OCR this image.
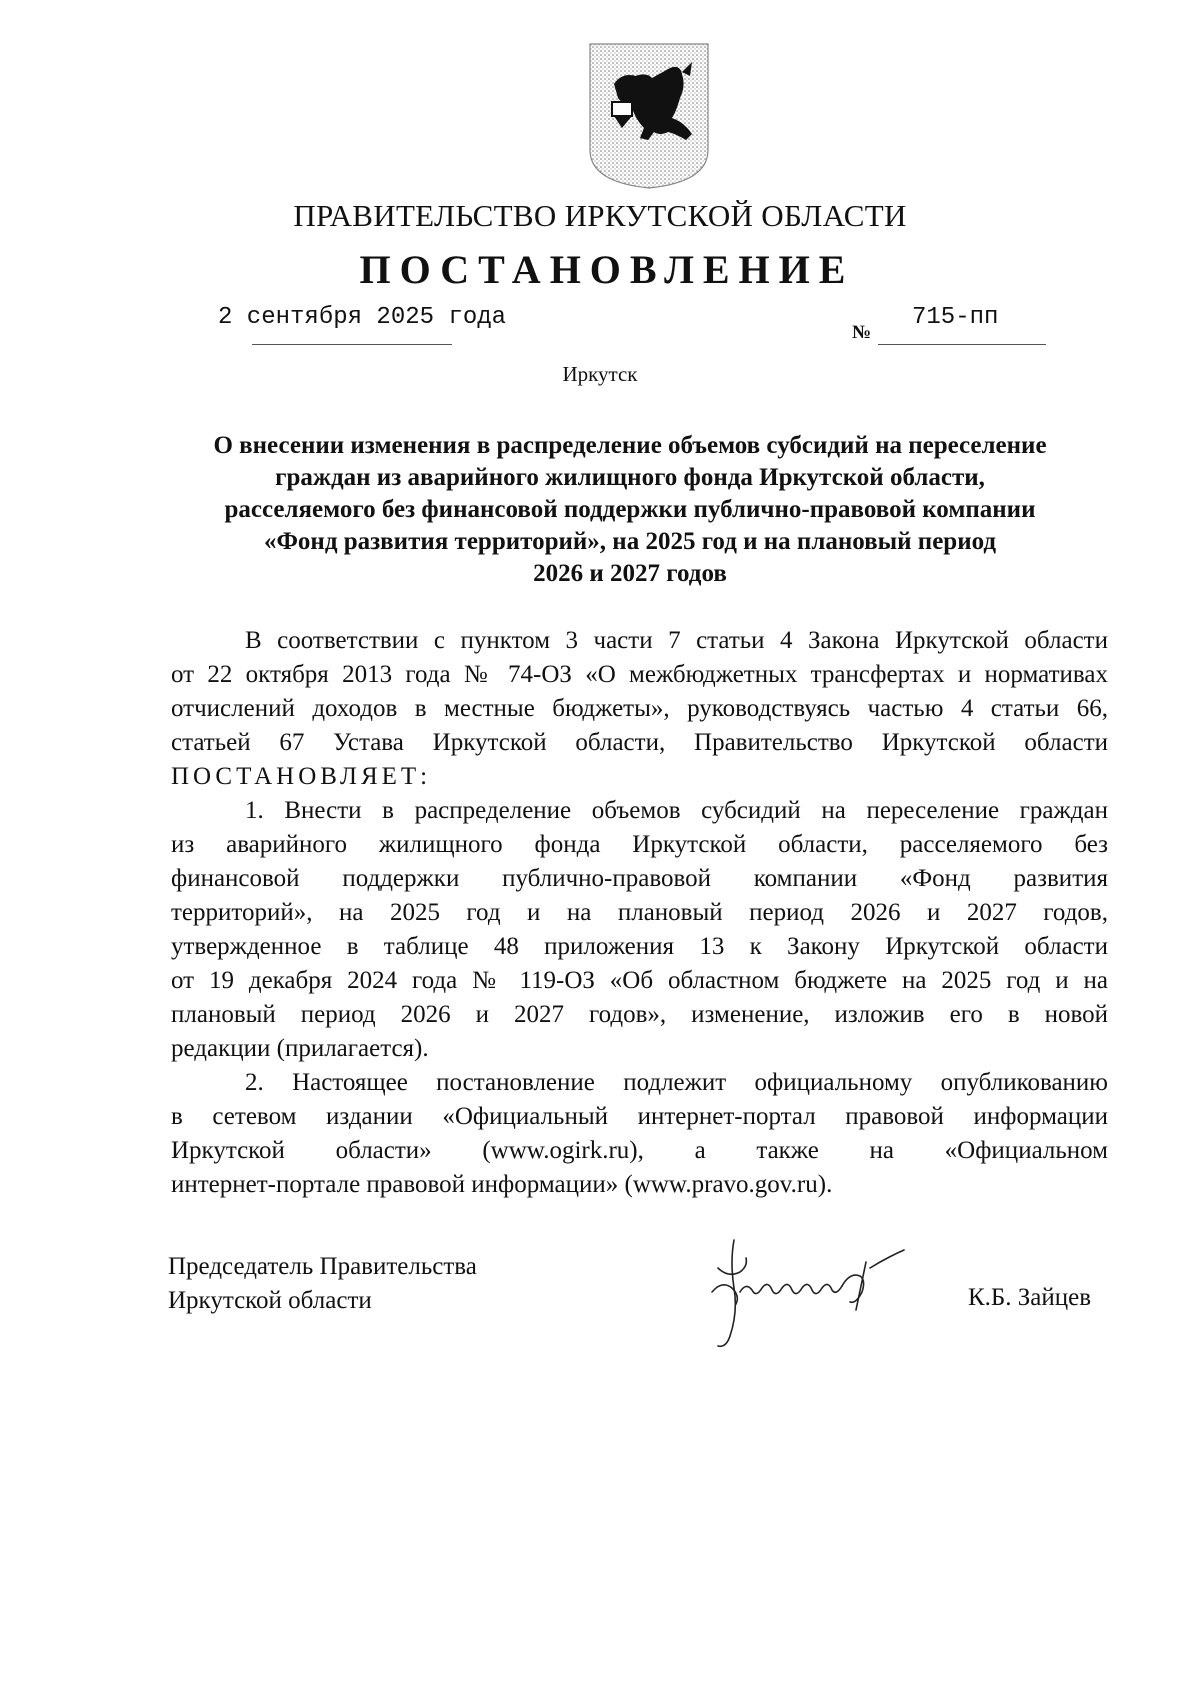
ПРАВИТЕЛЬСТВО ИРКУТСКОЙ ОБЛАСТИ
ПОСТАНОВЛЕНИЕ
2 сентября 2025 года
№
715-пп
Иркутск
О внесении изменения в распределение объемов субсидий на переселение
граждан из аварийного жилищного фонда Иркутской области,
расселяемого без финансовой поддержки публично-правовой компании
«Фонд развития территорий», на 2025 год и на плановый период
2026 и 2027 годов
В соответствии с пунктом 3 части 7 статьи 4 Закона Иркутской области
от 22 октября 2013 года № 74-ОЗ «О межбюджетных трансфертах и нормативах
отчислений доходов в местные бюджеты», руководствуясь частью 4 статьи 66,
статьей 67 Устава Иркутской области, Правительство Иркутской области
ПОСТАНОВЛЯЕТ:
1. Внести в распределение объемов субсидий на переселение граждан
из аварийного жилищного фонда Иркутской области, расселяемого без
финансовой поддержки публично-правовой компании «Фонд развития
территорий», на 2025 год и на плановый период 2026 и 2027 годов,
утвержденное в таблице 48 приложения 13 к Закону Иркутской области
от 19 декабря 2024 года № 119-ОЗ «Об областном бюджете на 2025 год и на
плановый период 2026 и 2027 годов», изменение, изложив его в новой
редакции (прилагается).
2. Настоящее постановление подлежит официальному опубликованию
в сетевом издании «Официальный интернет-портал правовой информации
Иркутской области» (www.ogirk.ru), а также на «Официальном
интернет-портале правовой информации» (www.pravo.gov.ru).
Председатель Правительства
Иркутской области	К.Б. Зайцев
